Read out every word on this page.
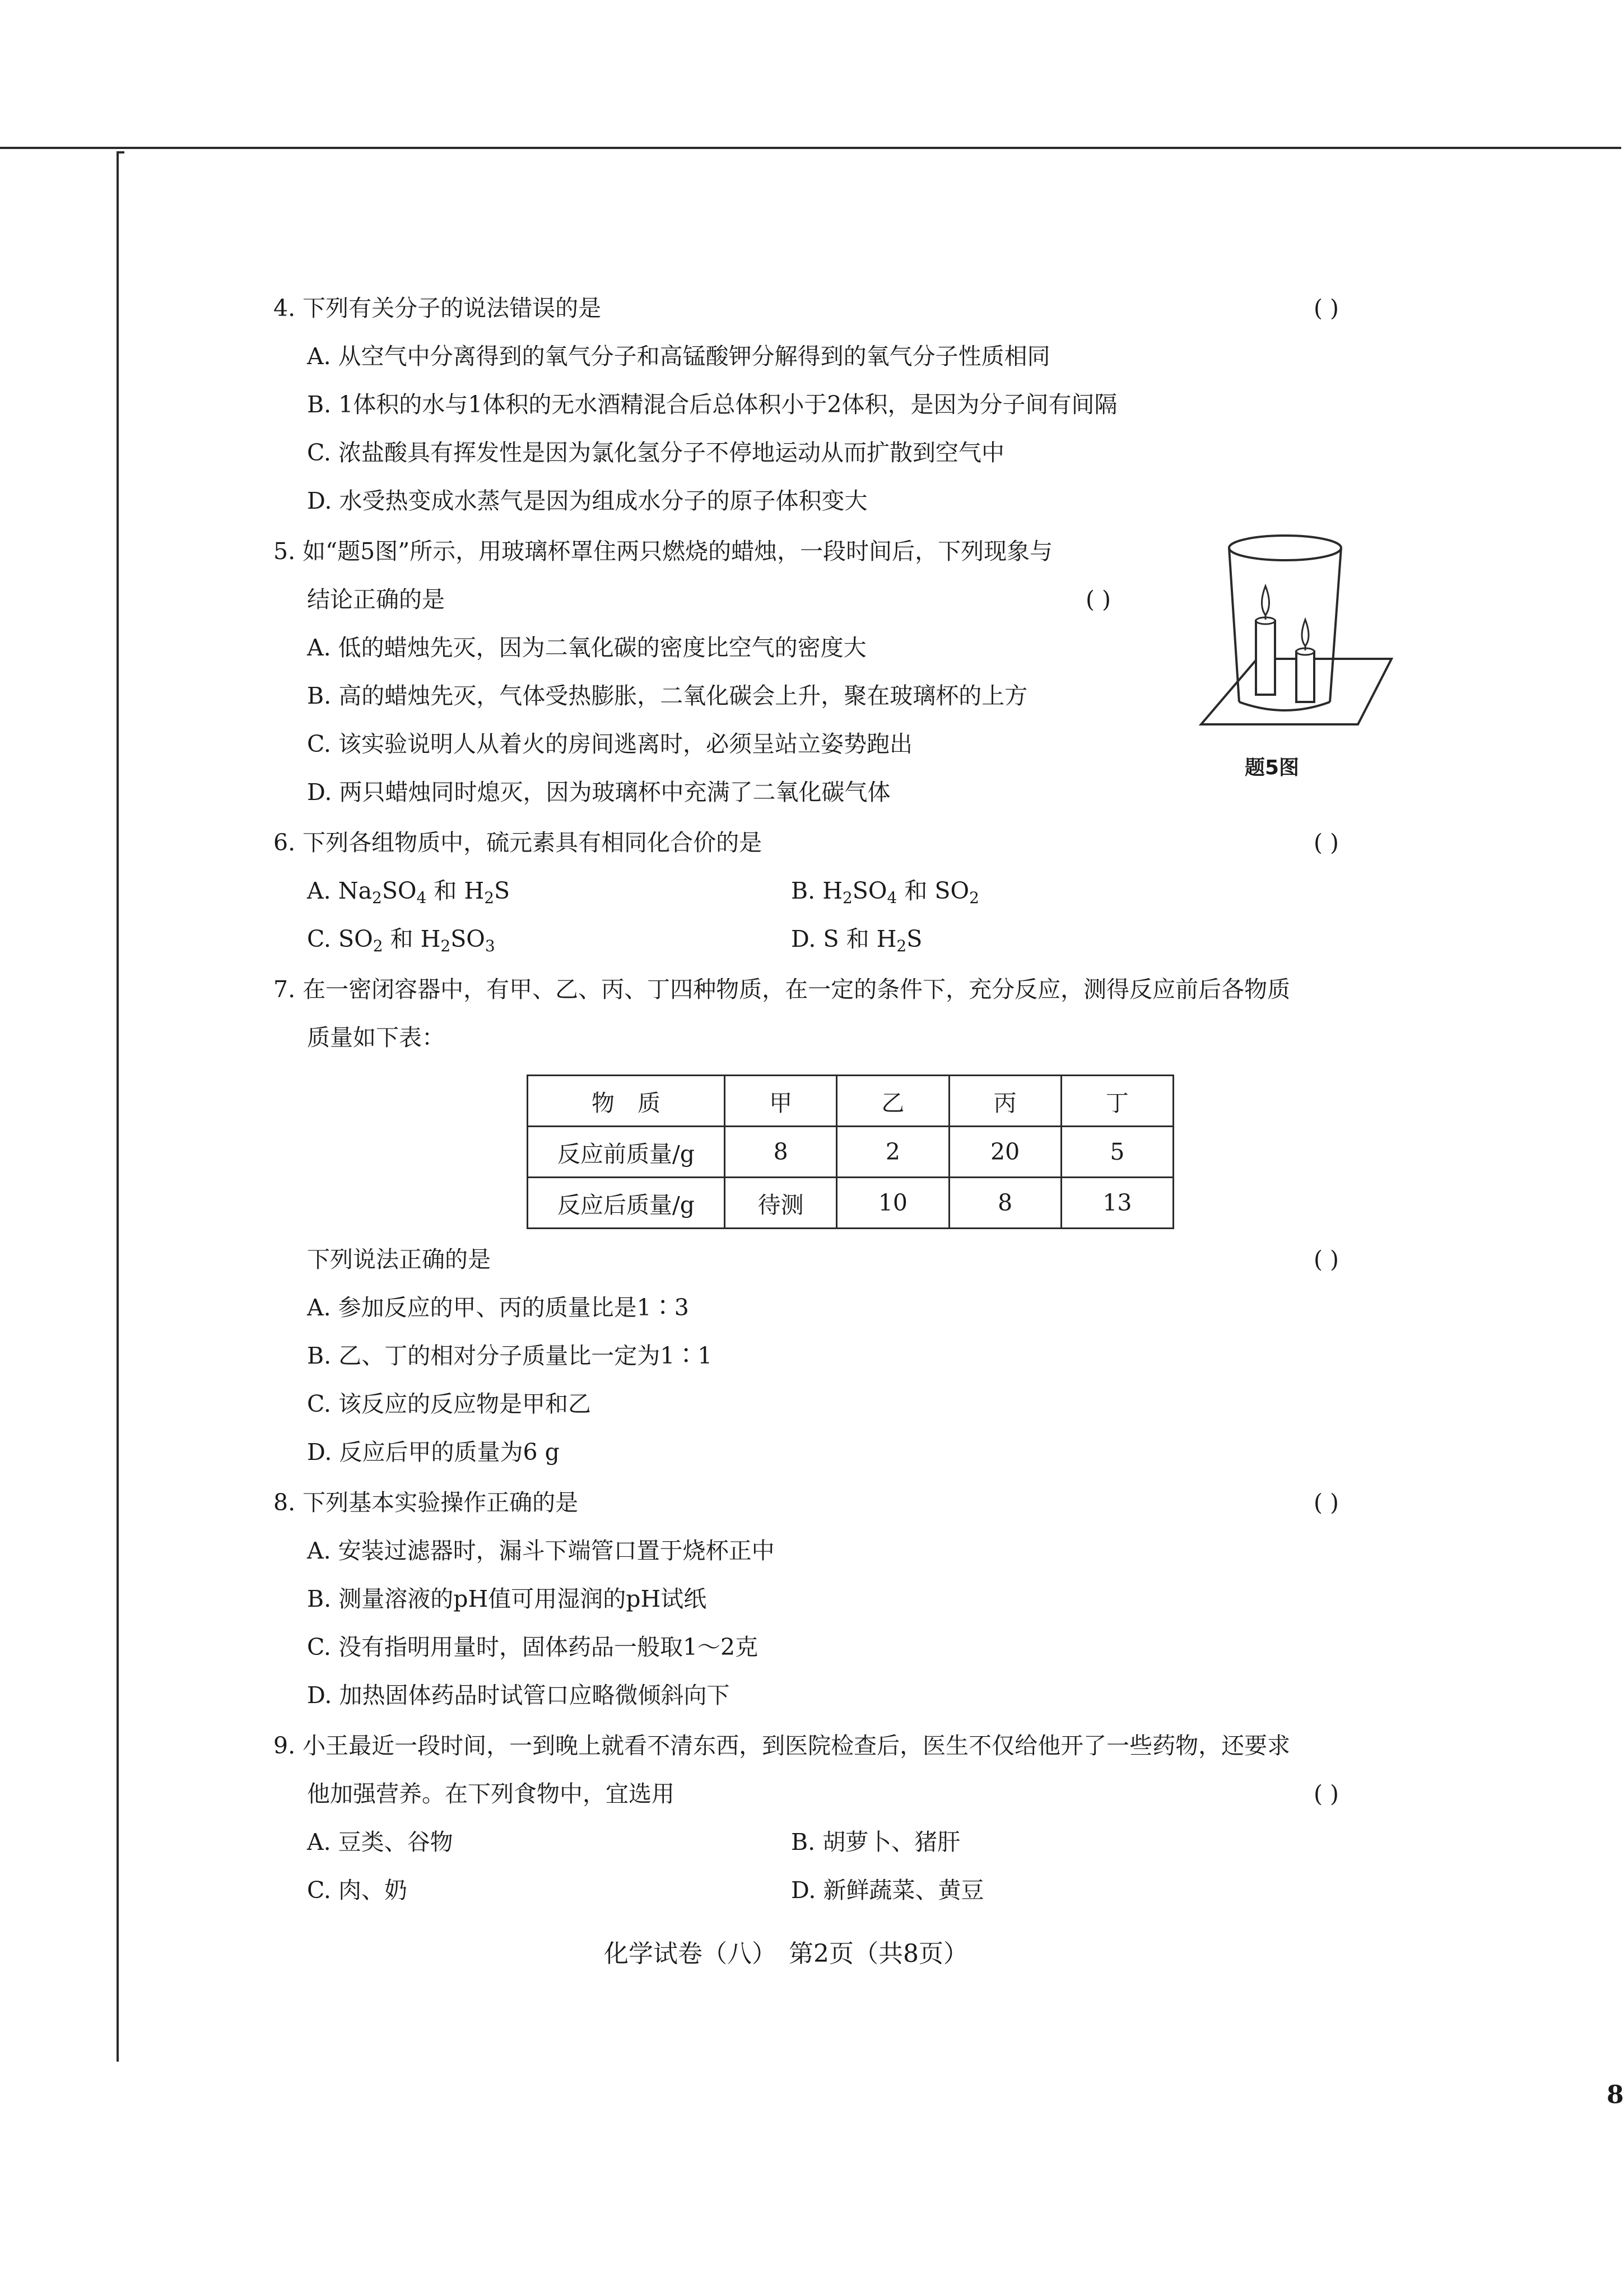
4. 下列有关分子的说法错误的是	( )
A. 从空气中分离得到的氧气分子和高锰酸钾分解得到的氧气分子性质相同
B. 1体积的水与1体积的无水酒精混合后总体积小于2体积，是因为分子间有间隔
C. 浓盐酸具有挥发性是因为氯化氢分子不停地运动从而扩散到空气中
D. 水受热变成水蒸气是因为组成水分子的原子体积变大
5. 如“题5图”所示，用玻璃杯罩住两只燃烧的蜡烛，一段时间后，下列现象与
结论正确的是	( )
A. 低的蜡烛先灭，因为二氧化碳的密度比空气的密度大
B. 高的蜡烛先灭，气体受热膨胀，二氧化碳会上升，聚在玻璃杯的上方
C. 该实验说明人从着火的房间逃离时，必须呈站立姿势跑出
D. 两只蜡烛同时熄灭，因为玻璃杯中充满了二氧化碳气体
题5图
6. 下列各组物质中，硫元素具有相同化合价的是	( )
A. $Na_2SO_4$ 和 $H_2S$	B. $H_2SO_4$ 和 $SO_2$
C. $SO_2$ 和 $H_2SO_3$	D. S 和 $H_2S$
7. 在一密闭容器中，有甲、乙、丙、丁四种物质，在一定的条件下，充分反应，测得反应前后各物质
质量如下表：
物　质	甲	乙	丙	丁
反应前质量/g	8	2	20	5
反应后质量/g	待测	10	8	13
下列说法正确的是	( )
A. 参加反应的甲、丙的质量比是1∶3
B. 乙、丁的相对分子质量比一定为1∶1
C. 该反应的反应物是甲和乙
D. 反应后甲的质量为6 g
8. 下列基本实验操作正确的是	( )
A. 安装过滤器时，漏斗下端管口置于烧杯正中
B. 测量溶液的pH值可用湿润的pH试纸
C. 没有指明用量时，固体药品一般取1～2克
D. 加热固体药品时试管口应略微倾斜向下
9. 小王最近一段时间，一到晚上就看不清东西，到医院检查后，医生不仅给他开了一些药物，还要求
他加强营养。在下列食物中，宜选用	( )
A. 豆类、谷物	B. 胡萝卜、猪肝
C. 肉、奶	D. 新鲜蔬菜、黄豆
化学试卷（八）　第2页（共8页）
8
